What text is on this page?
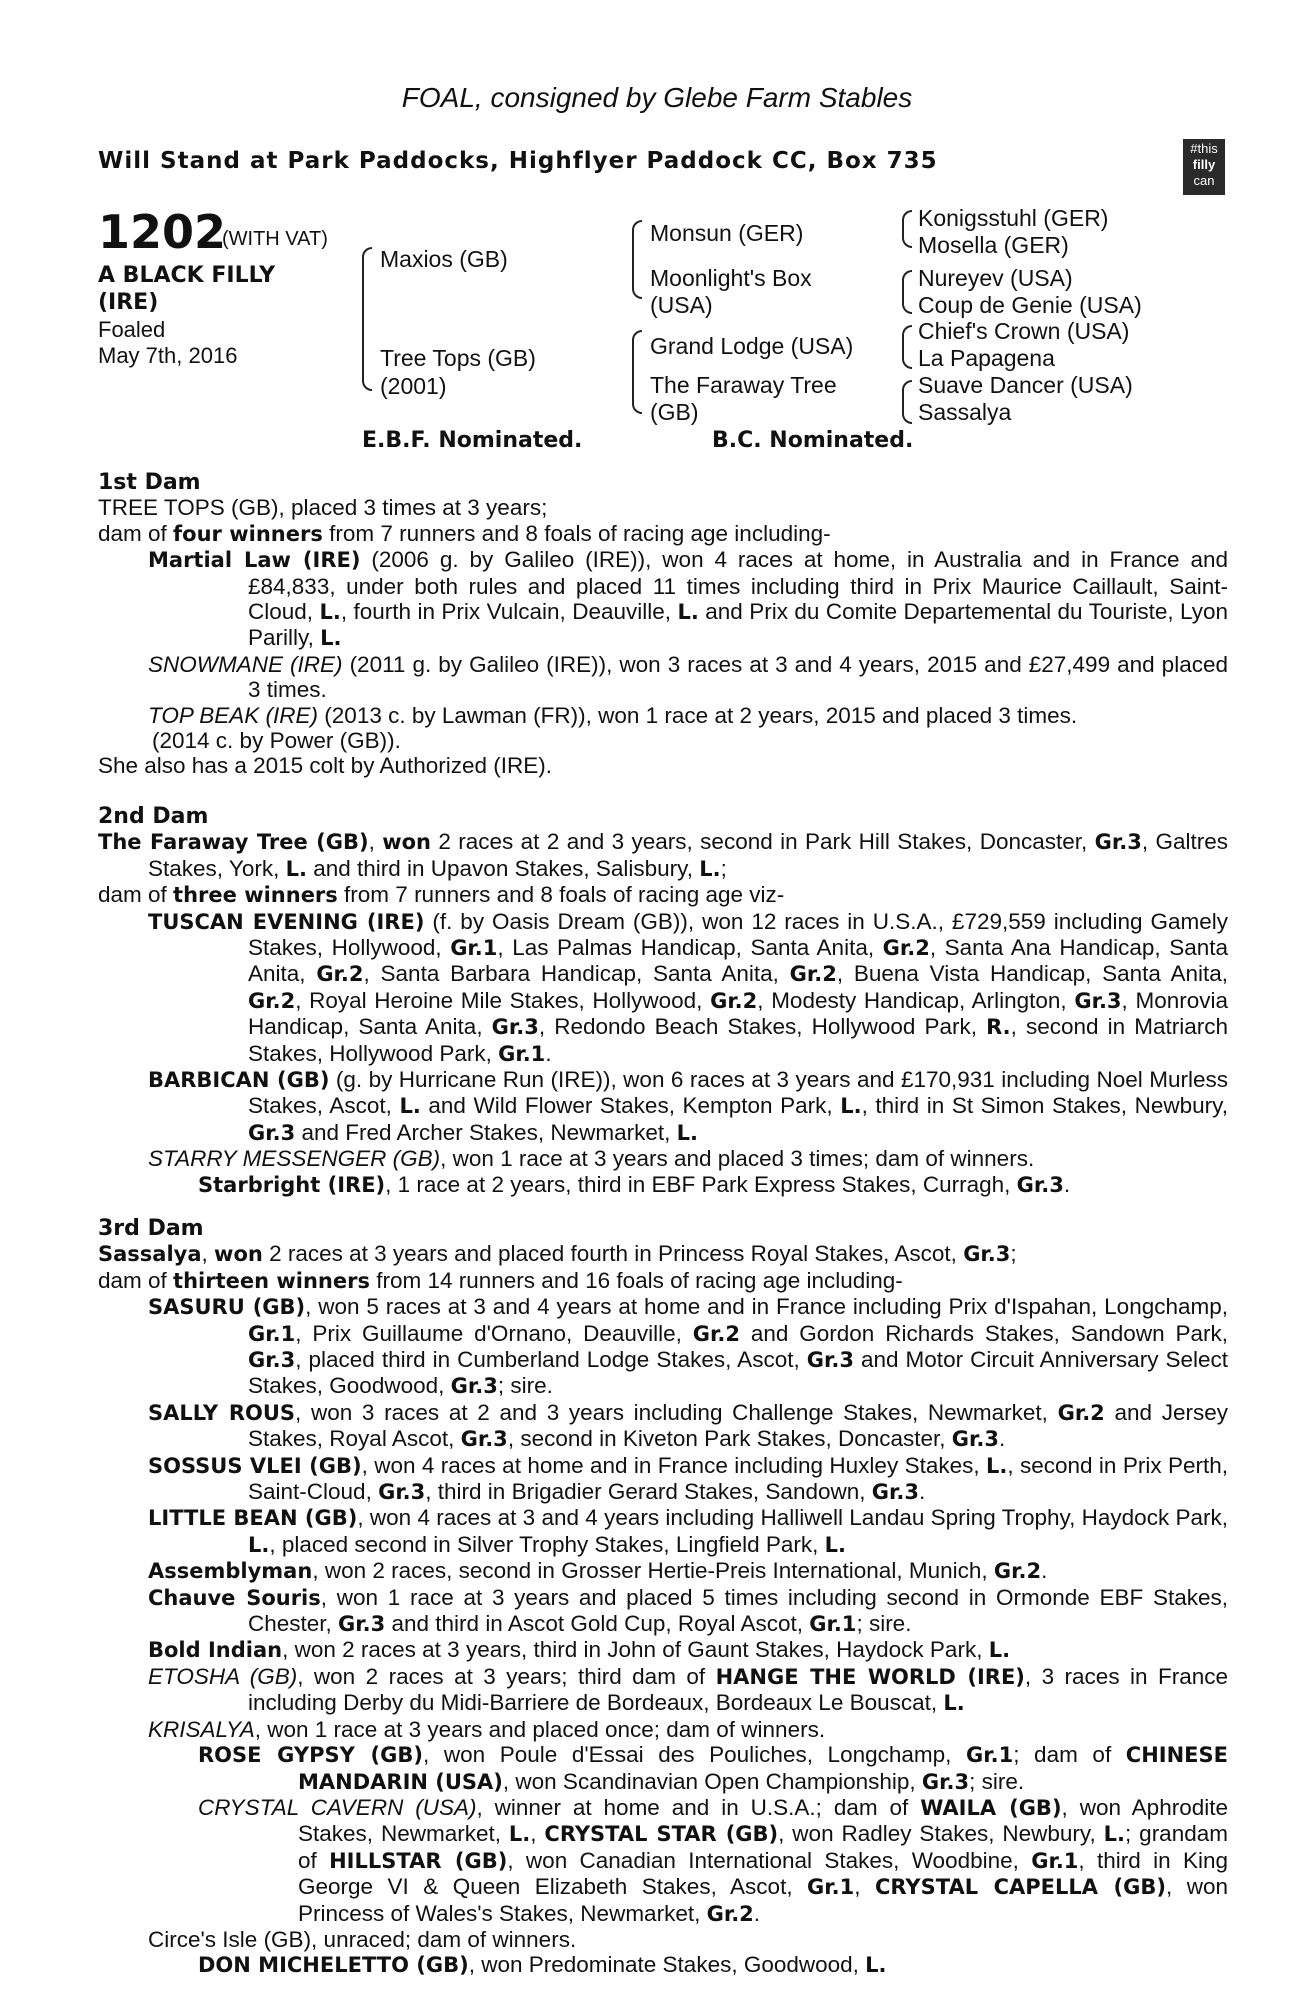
FOAL, consigned by Glebe Farm Stables
Will Stand at Park Paddocks, Highflyer Paddock CC, Box 735	#this
filly
can
1202
(WITH VAT)
A BLACK FILLY
(IRE)
Foaled
May 7th, 2016
Maxios (GB)
Tree Tops (GB)
(2001)
Monsun (GER)
Moonlight's Box
(USA)
Grand Lodge (USA)
The Faraway Tree
(GB)
Konigsstuhl (GER)
Mosella (GER)
Nureyev (USA)
Coup de Genie (USA)
Chief's Crown (USA)
La Papagena
Suave Dancer (USA)
Sassalya
E.B.F. Nominated.	B.C. Nominated.
1st Dam
TREE TOPS (GB), placed 3 times at 3 years;
dam of four winners from 7 runners and 8 foals of racing age including-
Martial Law (IRE) (2006 g. by Galileo (IRE)), won 4 races at home, in Australia and in France and £84,833, under both rules and placed 11 times including third in Prix Maurice Caillault, Saint-Cloud, L., fourth in Prix Vulcain, Deauville, L. and Prix du Comite Departemental du Touriste, Lyon Parilly, L.
SNOWMANE (IRE) (2011 g. by Galileo (IRE)), won 3 races at 3 and 4 years, 2015 and £27,499 and placed 3 times.
TOP BEAK (IRE) (2013 c. by Lawman (FR)), won 1 race at 2 years, 2015 and placed 3 times.
(2014 c. by Power (GB)).
She also has a 2015 colt by Authorized (IRE).
2nd Dam
The Faraway Tree (GB), won 2 races at 2 and 3 years, second in Park Hill Stakes, Doncaster, Gr.3, Galtres Stakes, York, L. and third in Upavon Stakes, Salisbury, L.;
dam of three winners from 7 runners and 8 foals of racing age viz-
TUSCAN EVENING (IRE) (f. by Oasis Dream (GB)), won 12 races in U.S.A., £729,559 including Gamely Stakes, Hollywood, Gr.1, Las Palmas Handicap, Santa Anita, Gr.2, Santa Ana Handicap, Santa Anita, Gr.2, Santa Barbara Handicap, Santa Anita, Gr.2, Buena Vista Handicap, Santa Anita, Gr.2, Royal Heroine Mile Stakes, Hollywood, Gr.2, Modesty Handicap, Arlington, Gr.3, Monrovia Handicap, Santa Anita, Gr.3, Redondo Beach Stakes, Hollywood Park, R., second in Matriarch Stakes, Hollywood Park, Gr.1.
BARBICAN (GB) (g. by Hurricane Run (IRE)), won 6 races at 3 years and £170,931 including Noel Murless Stakes, Ascot, L. and Wild Flower Stakes, Kempton Park, L., third in St Simon Stakes, Newbury, Gr.3 and Fred Archer Stakes, Newmarket, L.
STARRY MESSENGER (GB), won 1 race at 3 years and placed 3 times; dam of winners.
Starbright (IRE), 1 race at 2 years, third in EBF Park Express Stakes, Curragh, Gr.3.
3rd Dam
Sassalya, won 2 races at 3 years and placed fourth in Princess Royal Stakes, Ascot, Gr.3;
dam of thirteen winners from 14 runners and 16 foals of racing age including-
SASURU (GB), won 5 races at 3 and 4 years at home and in France including Prix d'Ispahan, Longchamp, Gr.1, Prix Guillaume d'Ornano, Deauville, Gr.2 and Gordon Richards Stakes, Sandown Park, Gr.3, placed third in Cumberland Lodge Stakes, Ascot, Gr.3 and Motor Circuit Anniversary Select Stakes, Goodwood, Gr.3; sire.
SALLY ROUS, won 3 races at 2 and 3 years including Challenge Stakes, Newmarket, Gr.2 and Jersey Stakes, Royal Ascot, Gr.3, second in Kiveton Park Stakes, Doncaster, Gr.3.
SOSSUS VLEI (GB), won 4 races at home and in France including Huxley Stakes, L., second in Prix Perth, Saint-Cloud, Gr.3, third in Brigadier Gerard Stakes, Sandown, Gr.3.
LITTLE BEAN (GB), won 4 races at 3 and 4 years including Halliwell Landau Spring Trophy, Haydock Park, L., placed second in Silver Trophy Stakes, Lingfield Park, L.
Assemblyman, won 2 races, second in Grosser Hertie-Preis International, Munich, Gr.2.
Chauve Souris, won 1 race at 3 years and placed 5 times including second in Ormonde EBF Stakes, Chester, Gr.3 and third in Ascot Gold Cup, Royal Ascot, Gr.1; sire.
Bold Indian, won 2 races at 3 years, third in John of Gaunt Stakes, Haydock Park, L.
ETOSHA (GB), won 2 races at 3 years; third dam of HANGE THE WORLD (IRE), 3 races in France including Derby du Midi-Barriere de Bordeaux, Bordeaux Le Bouscat, L.
KRISALYA, won 1 race at 3 years and placed once; dam of winners.
ROSE GYPSY (GB), won Poule d'Essai des Pouliches, Longchamp, Gr.1; dam of CHINESE MANDARIN (USA), won Scandinavian Open Championship, Gr.3; sire.
CRYSTAL CAVERN (USA), winner at home and in U.S.A.; dam of WAILA (GB), won Aphrodite Stakes, Newmarket, L., CRYSTAL STAR (GB), won Radley Stakes, Newbury, L.; grandam of HILLSTAR (GB), won Canadian International Stakes, Woodbine, Gr.1, third in King George VI & Queen Elizabeth Stakes, Ascot, Gr.1, CRYSTAL CAPELLA (GB), won Princess of Wales's Stakes, Newmarket, Gr.2.
Circe's Isle (GB), unraced; dam of winners.
DON MICHELETTO (GB), won Predominate Stakes, Goodwood, L.
